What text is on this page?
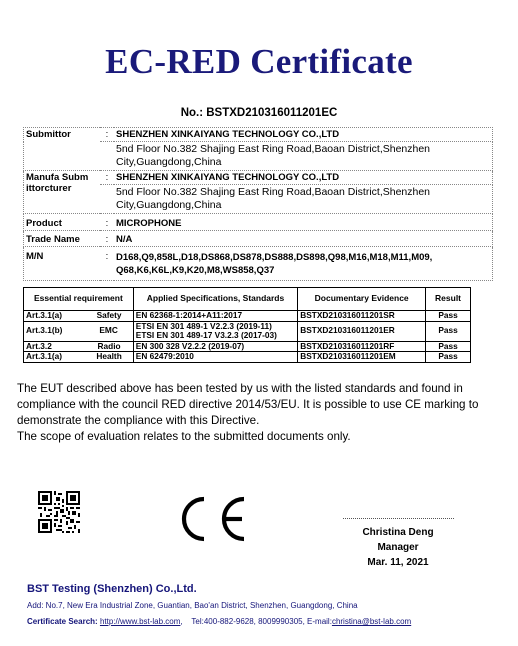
EC-RED Certificate
No.: BSTXD210316011201EC
Submittor	:	SHENZHEN XINKAIYANG TECHNOLOGY CO.,LTD
		5nd Floor No.382 Shajing East Ring Road,Baoan District,Shenzhen City,Guangdong,China
Manufa Subm ittorcturer	:	SHENZHEN XINKAIYANG TECHNOLOGY CO.,LTD
		5nd Floor No.382 Shajing East Ring Road,Baoan District,Shenzhen City,Guangdong,China
Product	:	MICROPHONE
Trade Name	:	N/A
M/N	:	D168,Q9,858L,D18,DS868,DS878,DS888,DS898,Q98,M16,M18,M11,M09, Q68,K6,K6L,K9,K20,M8,WS858,Q37
Essential requirement		Applied Specifications, Standards	Documentary Evidence	Result
Art.3.1(a)	Safety	EN 62368-1:2014+A11:2017	BSTXD210316011201SR	Pass
Art.3.1(b)	EMC	ETSI EN 301 489-1 V2.2.3 (2019-11)
ETSI EN 301 489-17 V3.2.3 (2017-03)	BSTXD210316011201ER	Pass
Art.3.2	Radio	EN 300 328 V2.2.2 (2019-07)	BSTXD210316011201RF	Pass
Art.3.1(a)	Health	EN 62479:2010	BSTXD210316011201EM	Pass
The EUT described above has been tested by us with the listed standards and found in compliance with the council RED directive 2014/53/EU. It is possible to use CE marking to demonstrate the compliance with this Directive.
The scope of evaluation relates to the submitted documents only.
Christina Deng
Manager
Mar. 11, 2021
BST Testing (Shenzhen) Co.,Ltd.
Add: No.7, New Era Industrial Zone, Guantian, Bao'an District, Shenzhen, Guangdong, China
Certificate Search: http://www.bst-lab.com,    Tel:400-882-9628, 8009990305, E-mail:christina@bst-lab.com
